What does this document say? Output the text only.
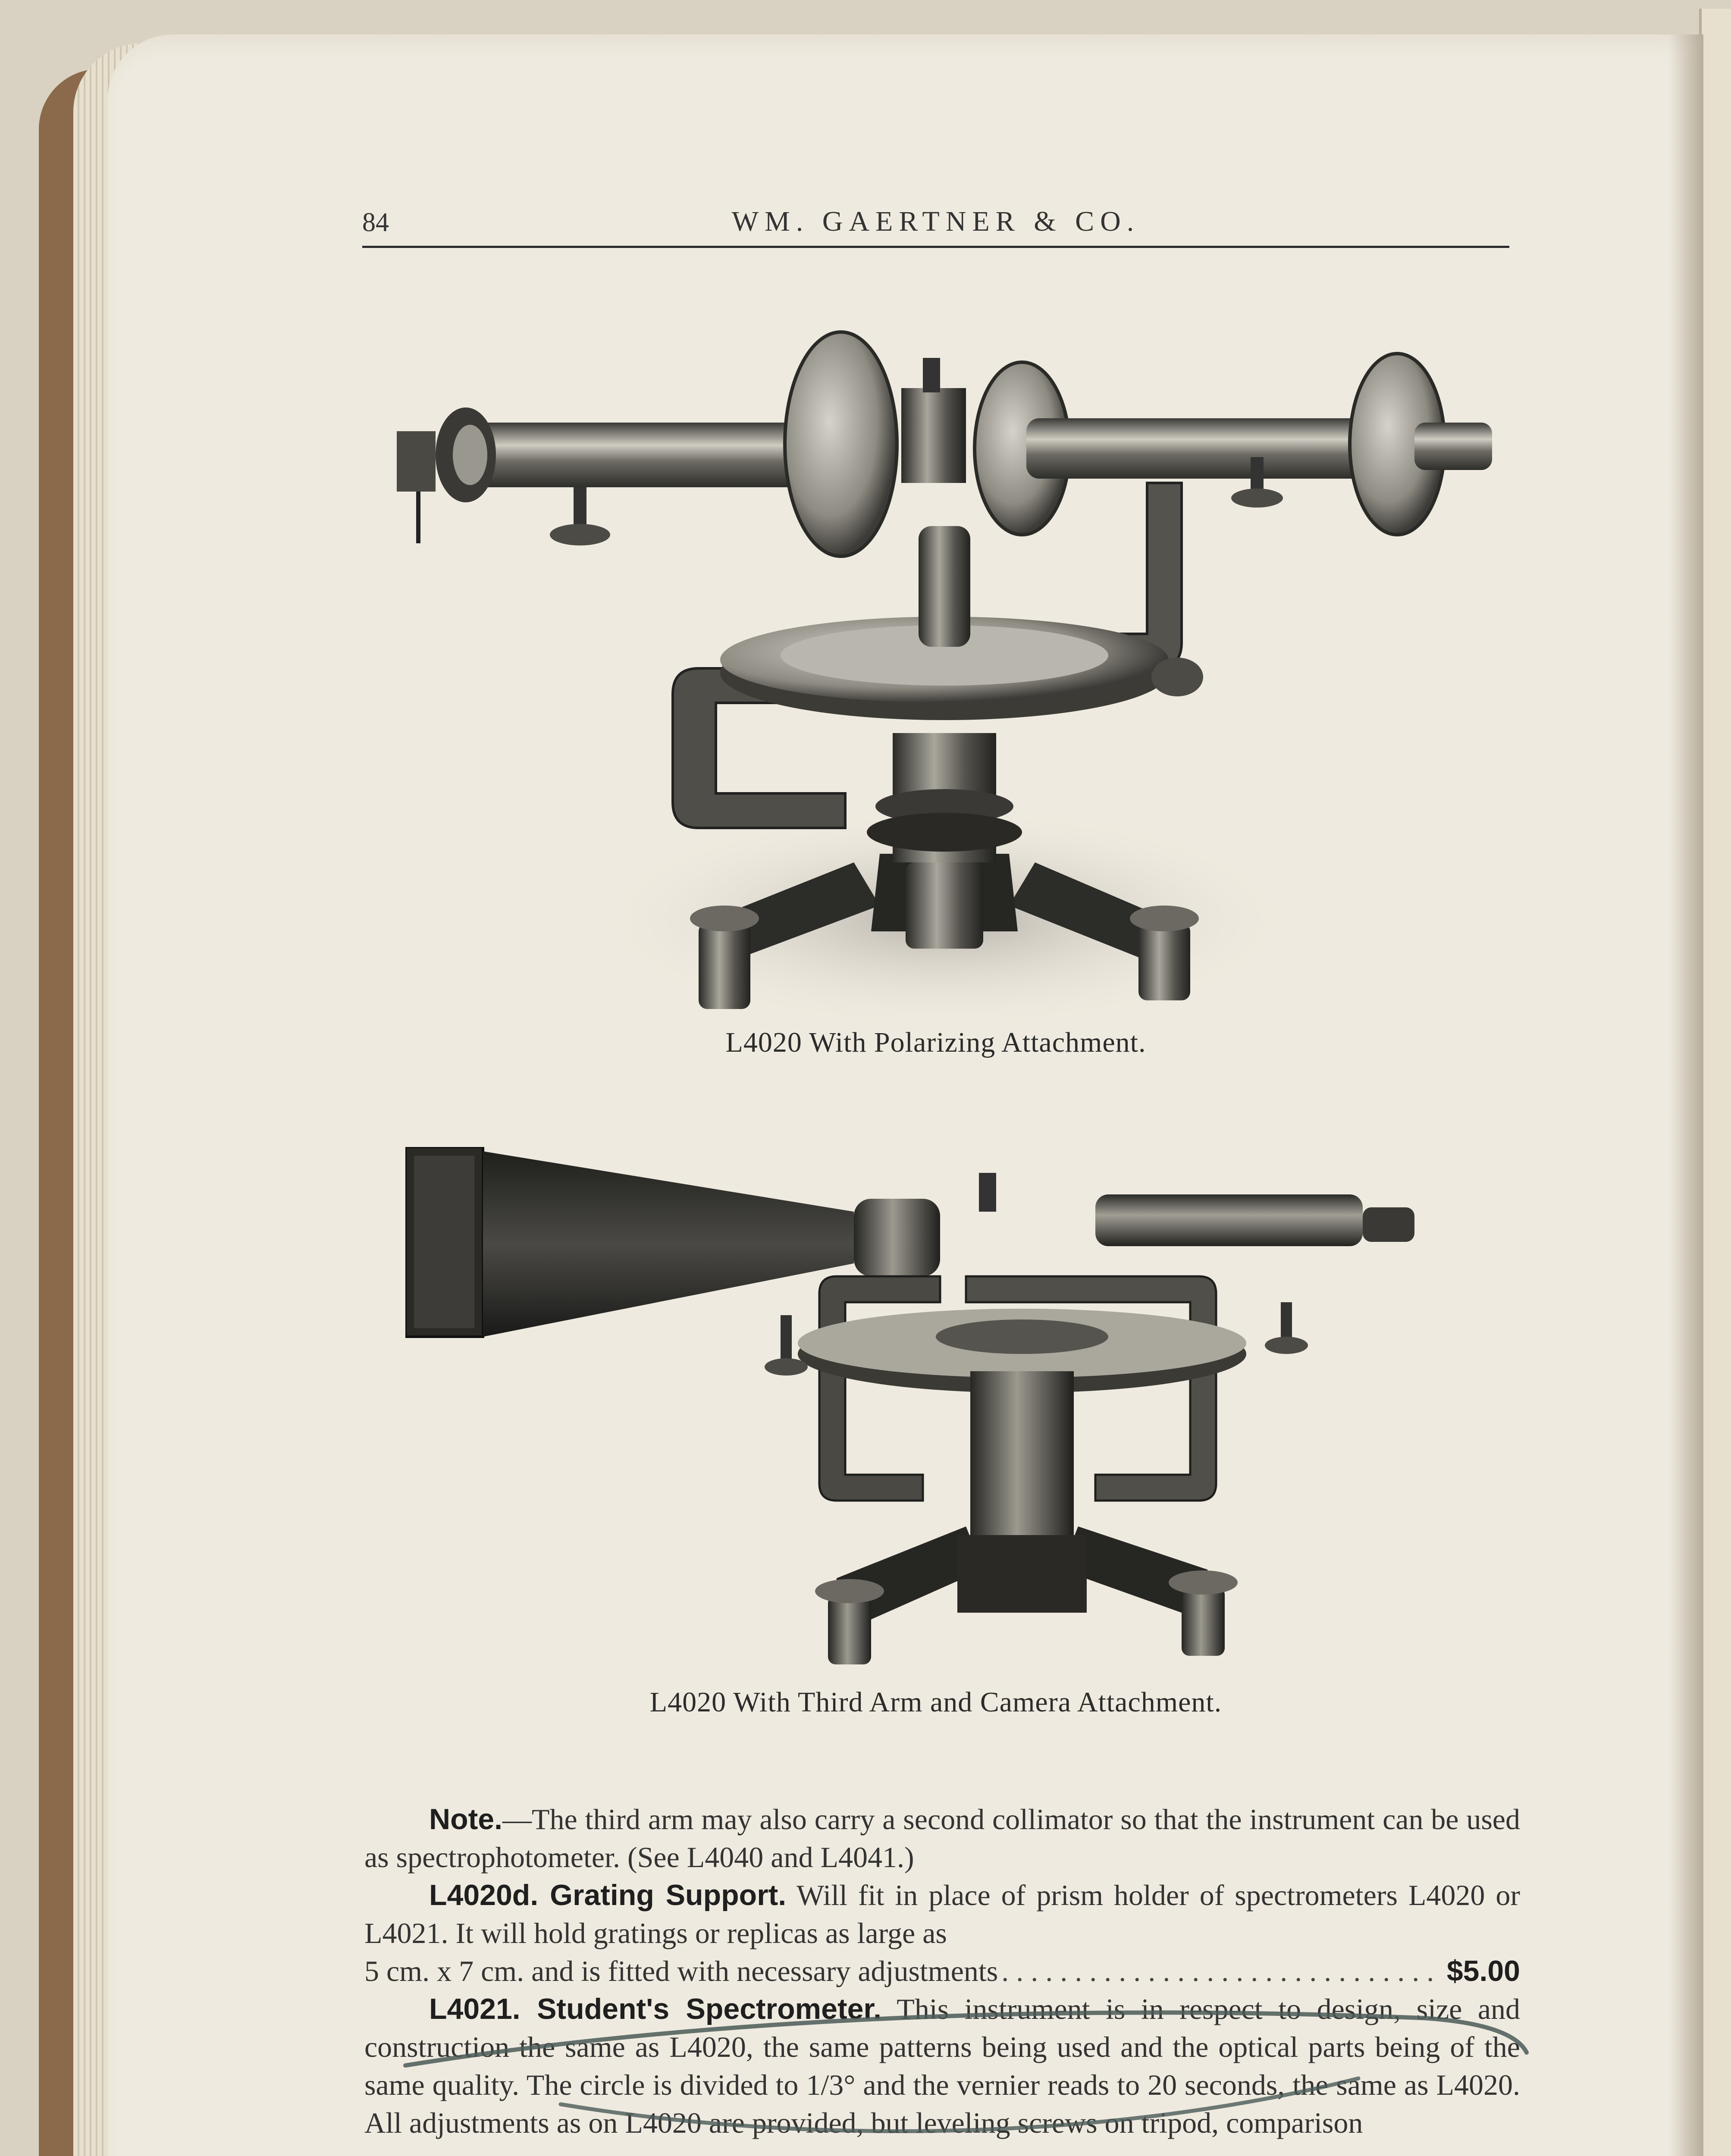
84	WM. GAERTNER & CO.
L4020 With Polarizing Attachment.
L4020 With Third Arm and Camera Attachment.

Note.—The third arm may also carry a second collimator so that the instrument can be used as spectrophotometer. (See L4040 and L4041.)

L4020d. Grating Support. Will fit in place of prism holder of spectrometers L4020 or L4021. It will hold gratings or replicas as large as

5 cm. x 7 cm. and is fitted with necessary adjustments
. . .	$5.00

L4021. Student's Spectrometer. This instrument is in respect to design, size and construction the same as L4020, the same patterns being used and the optical parts being of the same quality. The circle is divided to 1/3° and the vernier reads to 20 seconds, the same as L4020. All adjustments as on L4020 are provided, but leveling screws on tripod, comparison
